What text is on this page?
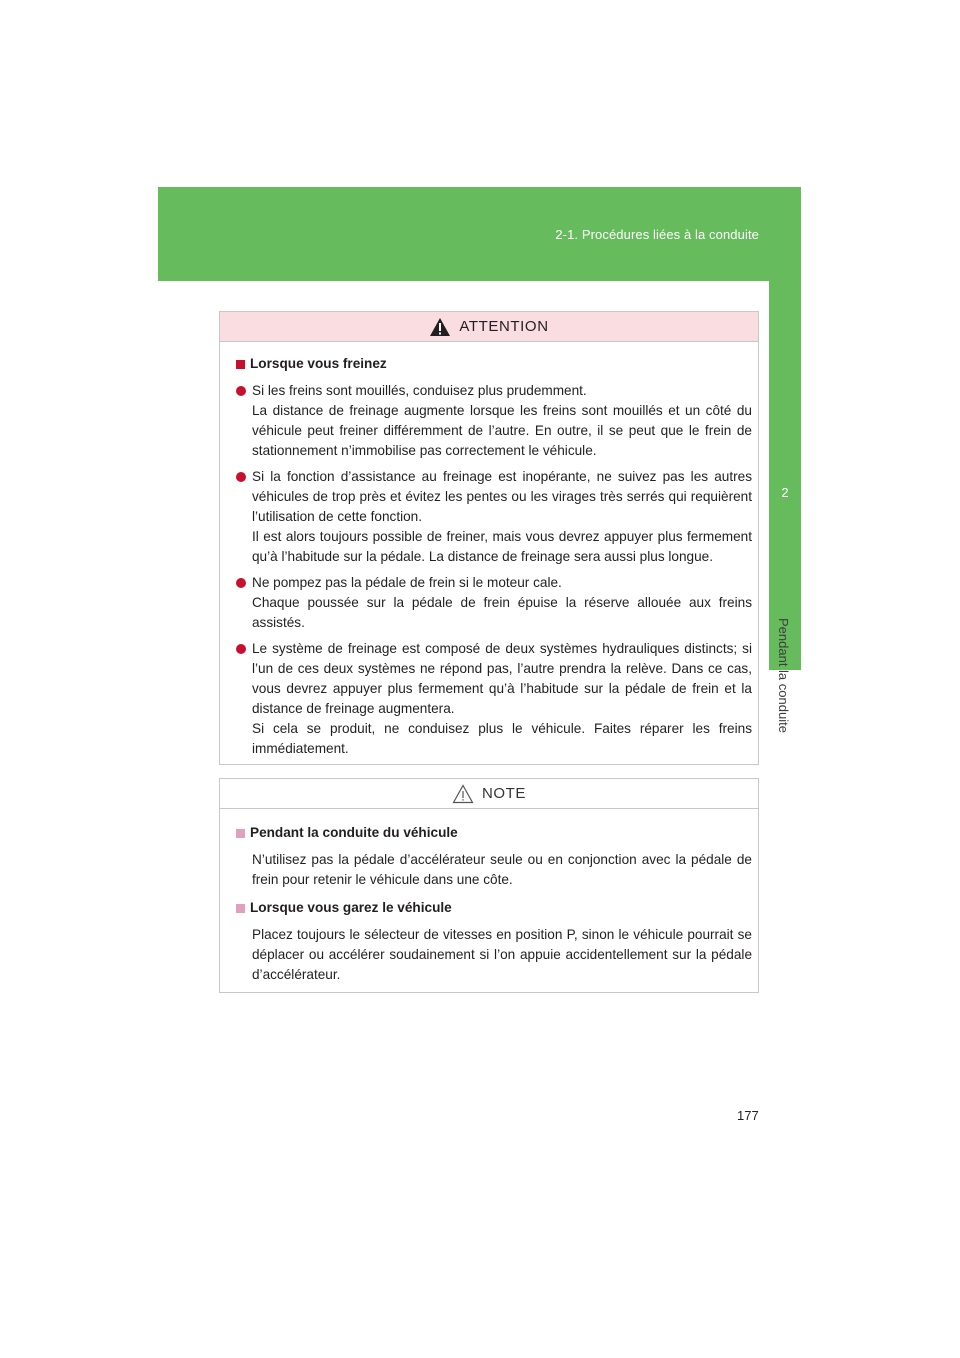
2-1. Procédures liées à la conduite
2
Pendant la conduite
ATTENTION
Lorsque vous freinez
Si les freins sont mouillés, conduisez plus prudemment.
La distance de freinage augmente lorsque les freins sont mouillés et un côté du véhicule peut freiner différemment de l’autre. En outre, il se peut que le frein de stationnement n’immobilise pas correctement le véhicule.
Si la fonction d’assistance au freinage est inopérante, ne suivez pas les autres véhicules de trop près et évitez les pentes ou les virages très serrés qui requièrent l’utilisation de cette fonction.
Il est alors toujours possible de freiner, mais vous devrez appuyer plus fermement qu’à l’habitude sur la pédale. La distance de freinage sera aussi plus longue.
Ne pompez pas la pédale de frein si le moteur cale.
Chaque poussée sur la pédale de frein épuise la réserve allouée aux freins assistés.
Le système de freinage est composé de deux systèmes hydrauliques distincts; si l’un de ces deux systèmes ne répond pas, l’autre prendra la relève. Dans ce cas, vous devrez appuyer plus fermement qu’à l’habitude sur la pédale de frein et la distance de freinage augmentera.
Si cela se produit, ne conduisez plus le véhicule. Faites réparer les freins immédiatement.
NOTE
Pendant la conduite du véhicule
N’utilisez pas la pédale d’accélérateur seule ou en conjonction avec la pédale de frein pour retenir le véhicule dans une côte.
Lorsque vous garez le véhicule
Placez toujours le sélecteur de vitesses en position P, sinon le véhicule pourrait se déplacer ou accélérer soudainement si l’on appuie accidentellement sur la pédale d’accélérateur.
177
